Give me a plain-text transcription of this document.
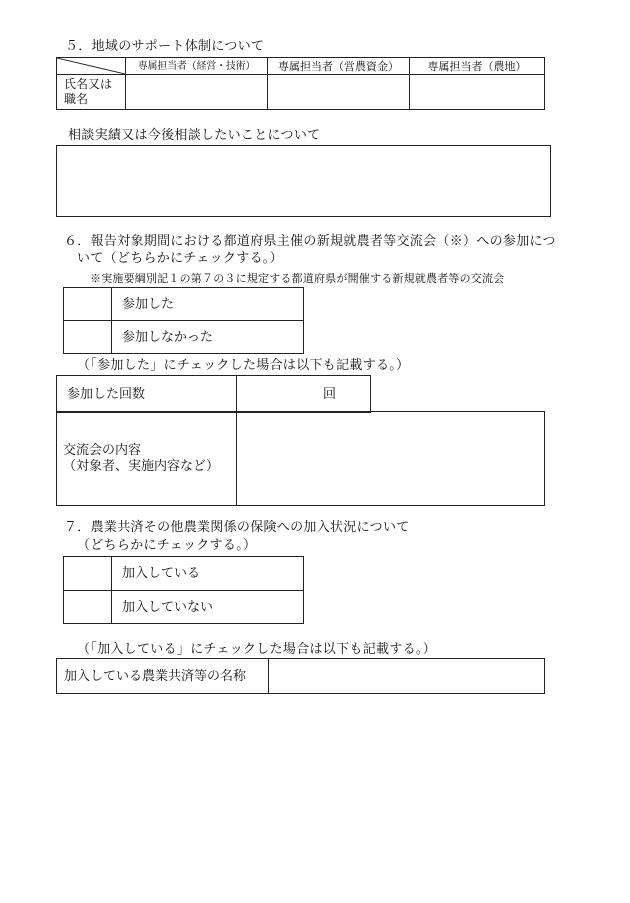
５．地域のサポート体制について
	専属担当者（経営・技術）	専属担当者（営農資金）	専属担当者（農地）

氏名又は
職名			

相談実績又は今後相談したいことについて
６．報告対象期間における都道府県主催の新規就農者等交流会（※）への参加につ
いて（どちらかにチェックする。）
※実施要綱別記１の第７の３に規定する都道府県が開催する新規就農者等の交流会
	参加した
	参加しなかった
（「参加した」にチェックした場合は以下も記載する。）
参加した回数	回
交流会の内容
（対象者、実施内容など）

７．農業共済その他農業関係の保険への加入状況について
（どちらかにチェックする。）
	加入している
	加入していない
（「加入している」にチェックした場合は以下も記載する。）
加入している農業共済等の名称	
